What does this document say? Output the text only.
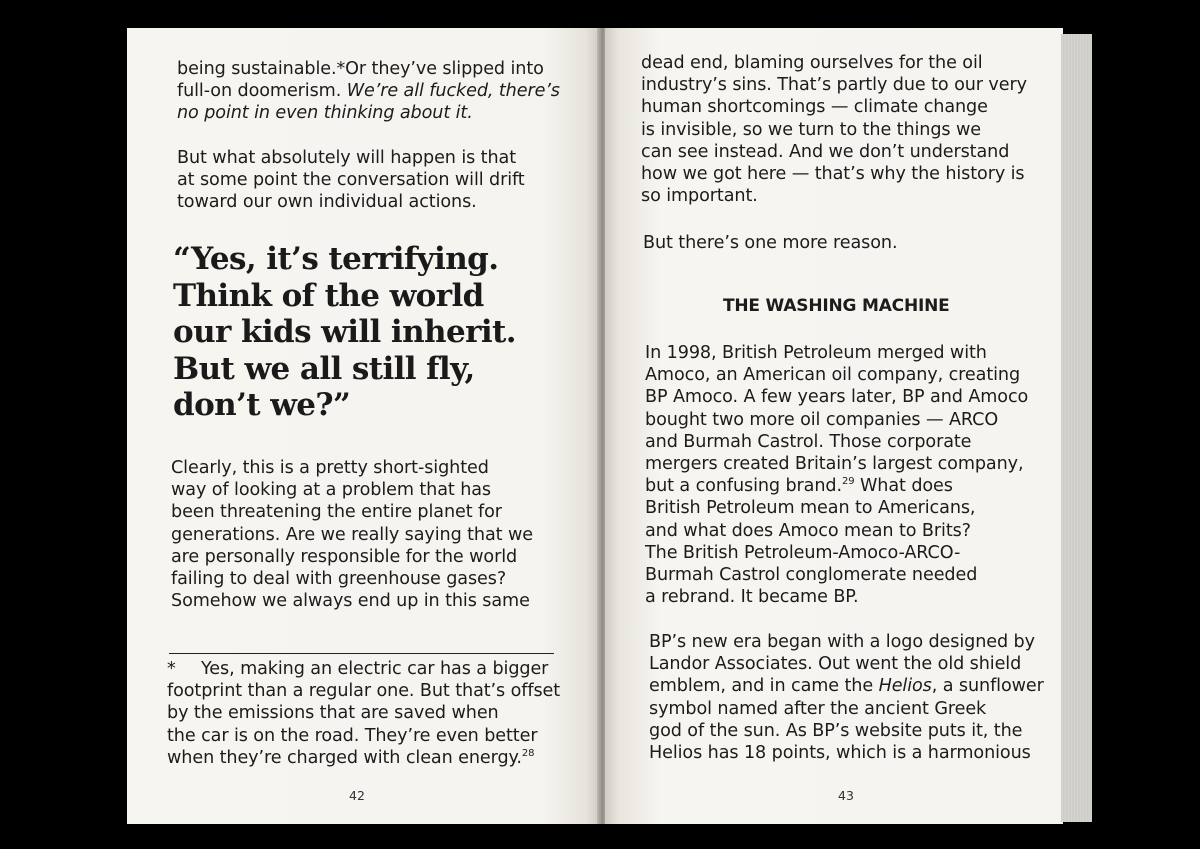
being sustainable.*Or they’ve slipped into
full-on doomerism. We’re all fucked, there’s
no point in even thinking about it.

But what absolutely will happen is that
at some point the conversation will drift
toward our own individual actions.

“Yes, it’s terrifying.
Think of the world
our kids will inherit.
But we all still fly,
don’t we?”

Clearly, this is a pretty short-sighted
way of looking at a problem that has
been threatening the entire planet for
generations. Are we really saying that we
are personally responsible for the world
failing to deal with greenhouse gases?
Somehow we always end up in this same

* Yes, making an electric car has a bigger
footprint than a regular one. But that’s offset
by the emissions that are saved when
the car is on the road. They’re even better
when they’re charged with clean energy.$^{28}$

42

dead end, blaming ourselves for the oil
industry’s sins. That’s partly due to our very
human shortcomings — climate change
is invisible, so we turn to the things we
can see instead. And we don’t understand
how we got here — that’s why the history is
so important.

But there’s one more reason.

THE WASHING MACHINE

In 1998, British Petroleum merged with
Amoco, an American oil company, creating
BP Amoco. A few years later, BP and Amoco
bought two more oil companies — ARCO
and Burmah Castrol. Those corporate
mergers created Britain’s largest company,
but a confusing brand.$^{29}$ What does
British Petroleum mean to Americans,
and what does Amoco mean to Brits?
The British Petroleum-Amoco-ARCO-
Burmah Castrol conglomerate needed
a rebrand. It became BP.

BP’s new era began with a logo designed by
Landor Associates. Out went the old shield
emblem, and in came the Helios, a sunflower
symbol named after the ancient Greek
god of the sun. As BP’s website puts it, the
Helios has 18 points, which is a harmonious

43
